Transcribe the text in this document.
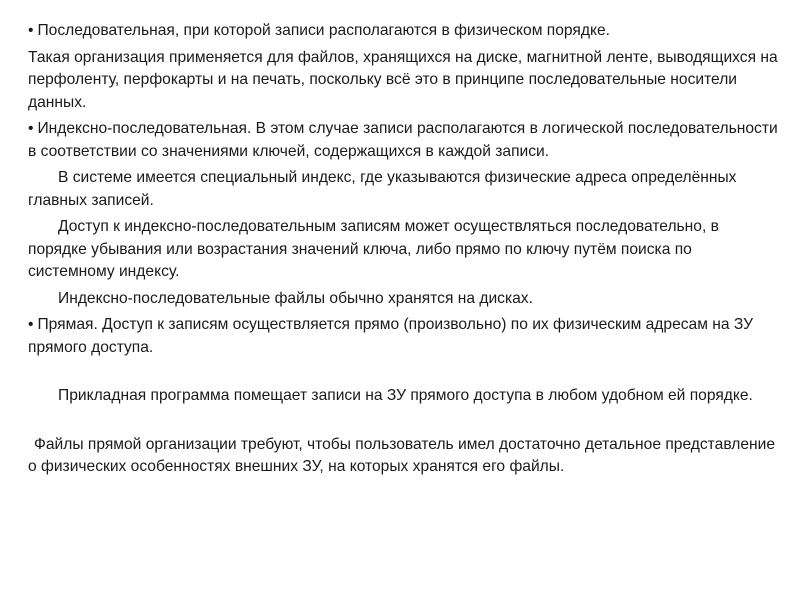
• Последовательная, при которой записи располагаются в физическом порядке.

Такая организация применяется для файлов, хранящихся на диске, магнитной ленте, выводящихся на перфоленту, перфокарты и на печать, поскольку всё это в принципе последовательные носители данных.

• Индексно-последовательная. В этом случае записи располагаются в логической последовательности в соответствии со значениями ключей, содержащихся в каждой записи.

В системе имеется специальный индекс, где указываются физические адреса определённых главных записей.

Доступ к индексно-последовательным записям может осуществляться последовательно, в порядке убывания или возрастания значений ключа, либо прямо по ключу путём поиска по системному индексу.

Индексно-последовательные файлы обычно хранятся на дисках.

• Прямая. Доступ к записям осуществляется прямо (произвольно) по их физическим адресам на ЗУ прямого доступа.

Прикладная программа помещает записи на ЗУ прямого доступа в любом удобном ей порядке.

Файлы прямой организации требуют, чтобы пользователь имел достаточно детальное представление о физических особенностях внешних ЗУ, на которых хранятся его файлы.
